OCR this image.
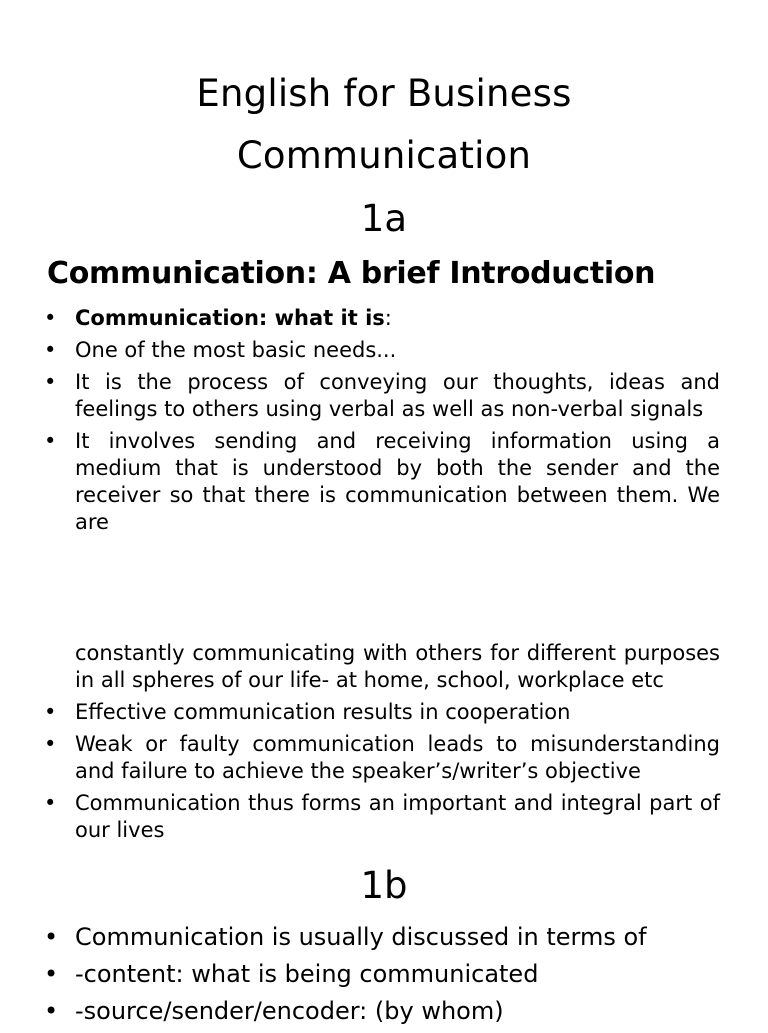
English for Business
Communication
1a
Communication: A brief Introduction
• Communication: what it is:
• One of the most basic needs...
• It is the process of conveying our thoughts, ideas and feelings to others using verbal as well as non-verbal signals
• It involves sending and receiving information using a medium that is understood by both the sender and the receiver so that there is communication between them. We are

constantly communicating with others for different purposes in all spheres of our life- at home, school, workplace etc

• Effective communication results in cooperation
• Weak or faulty communication leads to misunderstanding and failure to achieve the speaker’s/writer’s objective
• Communication thus forms an important and integral part of our lives
1b
• Communication is usually discussed in terms of
• -content: what is being communicated
• -source/sender/encoder: (by whom)
